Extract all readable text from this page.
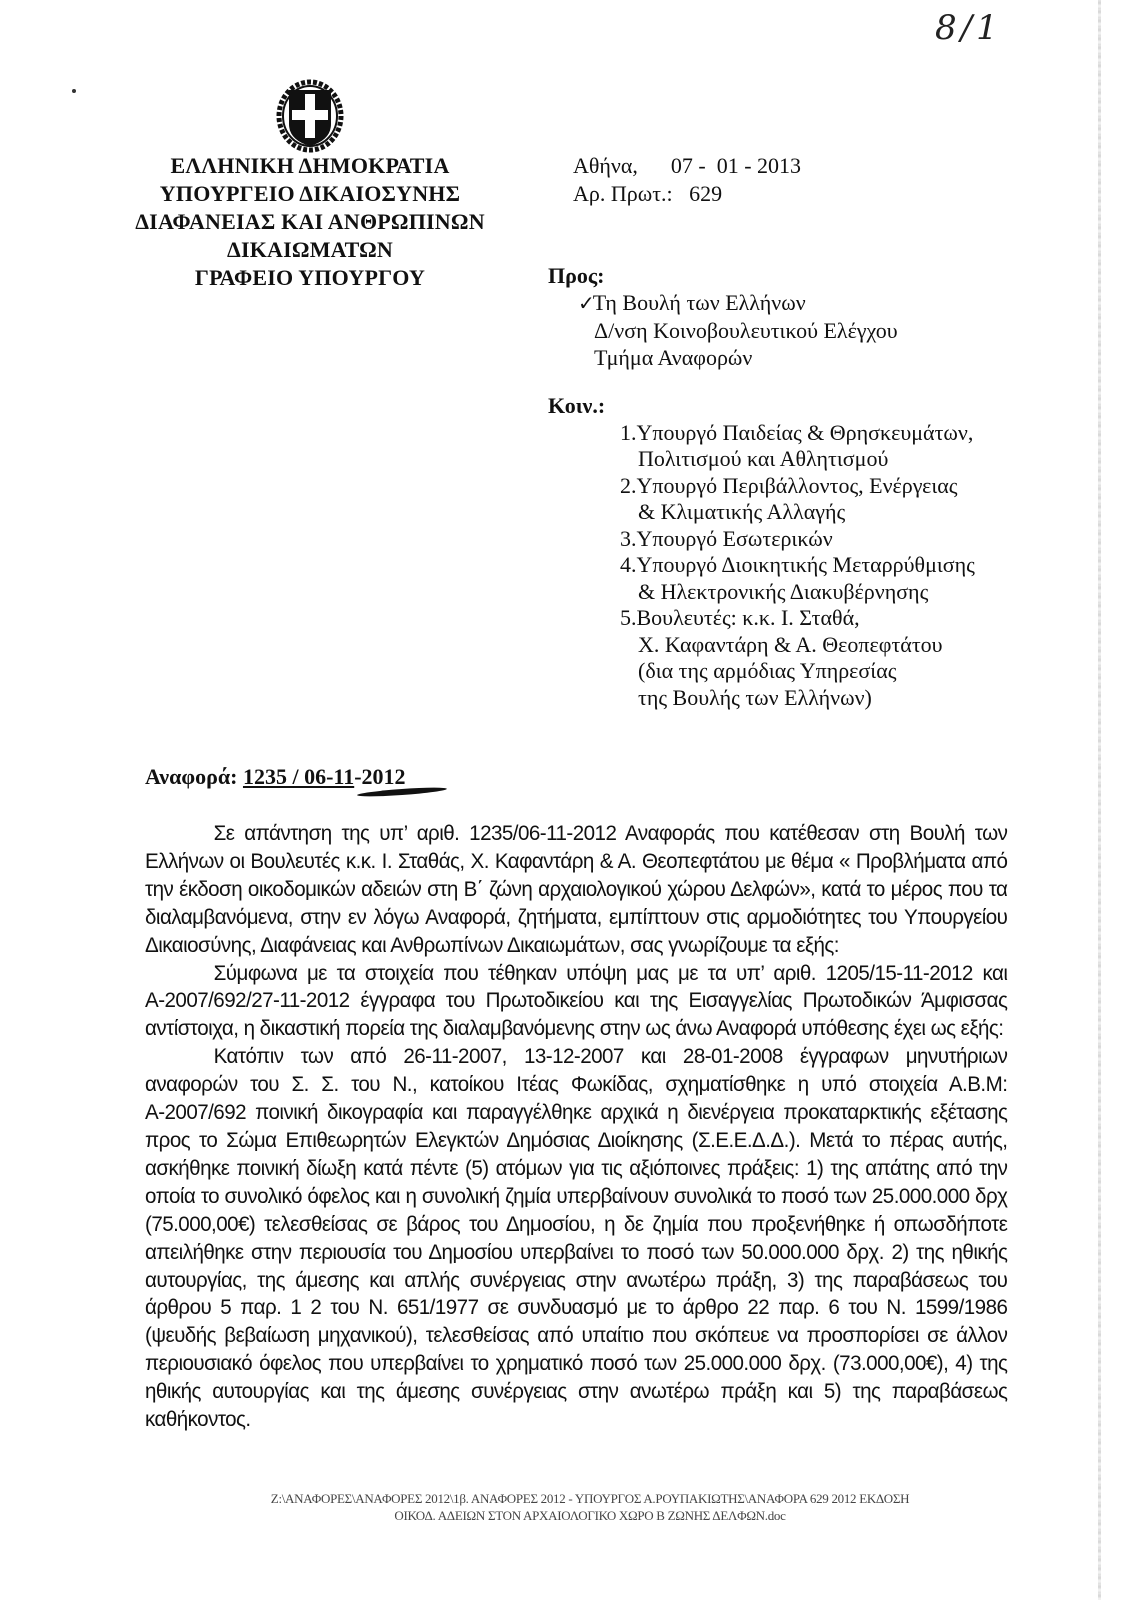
8/1
ΕΛΛΗΝΙΚΗ ΔΗΜΟΚΡΑΤΙΑ
ΥΠΟΥΡΓΕΙΟ ΔΙΚΑΙΟΣΥΝΗΣ
ΔΙΑΦΑΝΕΙΑΣ ΚΑΙ ΑΝΘΡΩΠΙΝΩΝ
ΔΙΚΑΙΩΜΑΤΩΝ
ΓΡΑΦΕΙΟ ΥΠΟΥΡΓΟΥ
Αθήνα, 07 -  01 - 2013
Αρ. Πρωτ.: 629
Προς:
✓Τη Βουλή των Ελλήνων
Δ/νση Κοινοβουλευτικού Ελέγχου
Τμήμα Αναφορών
Κοιν.:
1.Υπουργό Παιδείας & Θρησκευμάτων,
Πολιτισμού και Αθλητισμού
2.Υπουργό Περιβάλλοντος, Ενέργειας
& Κλιματικής Αλλαγής
3.Υπουργό Εσωτερικών
4.Υπουργό Διοικητικής Μεταρρύθμισης
& Ηλεκτρονικής Διακυβέρνησης
5.Βουλευτές: κ.κ. Ι. Σταθά,
Χ. Καφαντάρη & Α. Θεοπεφτάτου
(δια της αρμόδιας Υπηρεσίας
της Βουλής των Ελλήνων)
Αναφορά: 1235 / 06-11-2012

Σε απάντηση της υπ’ αριθ. 1235/06-11-2012 Αναφοράς που κατέθεσαν στη Βουλή των Ελλήνων οι Βουλευτές κ.κ. Ι. Σταθάς, Χ. Καφαντάρη & Α. Θεοπεφτάτου με θέμα « Προβλήματα από την έκδοση οικοδομικών αδειών στη Β΄ ζώνη αρχαιολογικού χώρου Δελφών», κατά το μέρος που τα διαλαμβανόμενα, στην εν λόγω Αναφορά, ζητήματα, εμπίπτουν στις αρμοδιότητες του Υπουργείου Δικαιοσύνης, Διαφάνειας και Ανθρωπίνων Δικαιωμάτων, σας γνωρίζουμε τα εξής:

Σύμφωνα με τα στοιχεία που τέθηκαν υπόψη μας με τα υπ’ αριθ. 1205/15-11-2012 και Α-2007/692/27-11-2012 έγγραφα του Πρωτοδικείου και της Εισαγγελίας Πρωτοδικών Άμφισσας αντίστοιχα, η δικαστική πορεία της διαλαμβανόμενης στην ως άνω Αναφορά υπόθεσης έχει ως εξής:

Κατόπιν των από 26-11-2007, 13-12-2007 και 28-01-2008 έγγραφων μηνυτήριων αναφορών του Σ. Σ. του Ν., κατοίκου Ιτέας Φωκίδας, σχηματίσθηκε η υπό στοιχεία Α.Β.Μ: Α-2007/692 ποινική δικογραφία και παραγγέλθηκε αρχικά η διενέργεια προκαταρκτικής εξέτασης προς το Σώμα Επιθεωρητών Ελεγκτών Δημόσιας Διοίκησης (Σ.Ε.Ε.Δ.Δ.). Μετά το πέρας αυτής, ασκήθηκε ποινική δίωξη κατά πέντε (5) ατόμων για τις αξιόποινες πράξεις: 1) της απάτης από την οποία το συνολικό όφελος και η συνολική ζημία υπερβαίνουν συνολικά το ποσό των 25.000.000 δρχ (75.000,00€) τελεσθείσας σε βάρος του Δημοσίου, η δε ζημία που προξενήθηκε ή οπωσδήποτε απειλήθηκε στην περιουσία του Δημοσίου υπερβαίνει το ποσό των 50.000.000 δρχ. 2) της ηθικής αυτουργίας, της άμεσης και απλής συνέργειας στην ανωτέρω πράξη, 3) της παραβάσεως του άρθρου 5 παρ. 1 2 του Ν. 651/1977 σε συνδυασμό με το άρθρο 22 παρ. 6 του Ν. 1599/1986 (ψευδής βεβαίωση μηχανικού), τελεσθείσας από υπαίτιο που σκόπευε να προσπορίσει σε άλλον περιουσιακό όφελος που υπερβαίνει το χρηματικό ποσό των 25.000.000 δρχ. (73.000,00€), 4) της ηθικής αυτουργίας και της άμεσης συνέργειας στην ανωτέρω πράξη και 5) της παραβάσεως καθήκοντος.

Z:\ΑΝΑΦΟΡΕΣ\ΑΝΑΦΟΡΕΣ 2012\1β. ΑΝΑΦΟΡΕΣ 2012 - ΥΠΟΥΡΓΟΣ Α.ΡΟΥΠΑΚΙΩΤΗΣ\ΑΝΑΦΟΡΑ 629 2012 ΕΚΔΟΣΗ
ΟΙΚΟΔ. ΑΔΕΙΩΝ ΣΤΟΝ ΑΡΧΑΙΟΛΟΓΙΚΟ ΧΩΡΟ Β ΖΩΝΗΣ ΔΕΛΦΩΝ.doc
